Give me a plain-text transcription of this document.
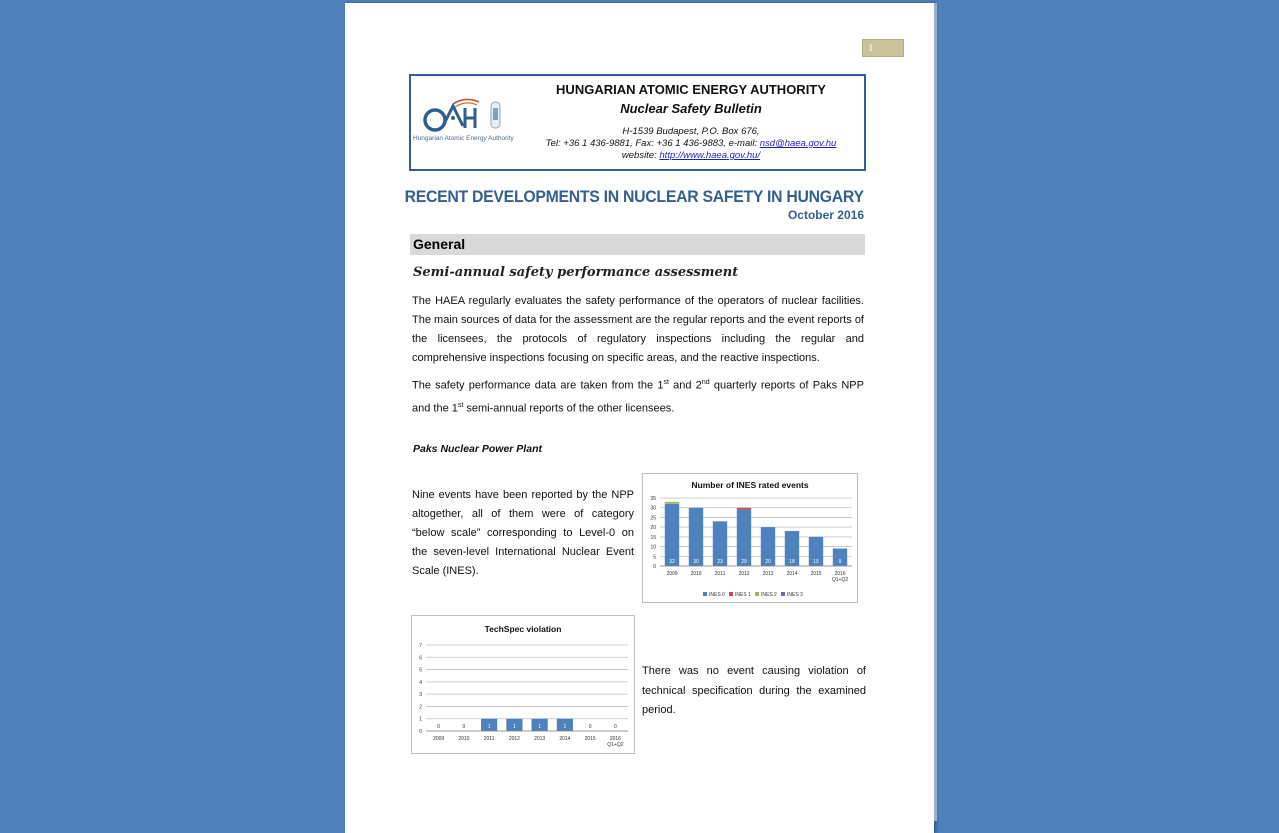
1
Hungarian Atomic Energy Authority
HUNGARIAN ATOMIC ENERGY AUTHORITY
Nuclear Safety Bulletin
H-1539 Budapest, P.O. Box 676,
Tel: +36 1 436-9881, Fax: +36 1 436-9883, e-mail: nsd@haea.gov.hu
website: http://www.haea.gov.hu/
RECENT DEVELOPMENTS IN NUCLEAR SAFETY IN HUNGARY
October 2016
General
Semi-annual safety performance assessment
The HAEA regularly evaluates the safety performance of the operators of nuclear facilities. The main sources of data for the assessment are the regular reports and the event reports of the licensees, the protocols of regulatory inspections including the regular and comprehensive inspections focusing on specific areas, and the reactive inspections.
The safety performance data are taken from the 1st and 2nd quarterly reports of Paks NPP and the 1st semi-annual reports of the other licensees.
Paks Nuclear Power Plant
Nine events have been reported by the NPP altogether, all of them were of category “below scale” corresponding to Level-0 on the seven-level International Nuclear Event Scale (INES).
Number of INES rated events
0
5
10
15
20
25
30
35
32
2009
30
2010
23
2011
29
2012
20
2013
18
2014
15
2015
9
2016
Q1+Q2
INES 0 INES 1 INES 2 INES 3
TechSpec violation
0
1
2
3
4
5
6
7
0
2009
0
2010
1
2011
1
2012
1
2013
1
2014
0
2015
0
2016
Q1+Q2
There was no event causing violation of technical specification during the examined period.
